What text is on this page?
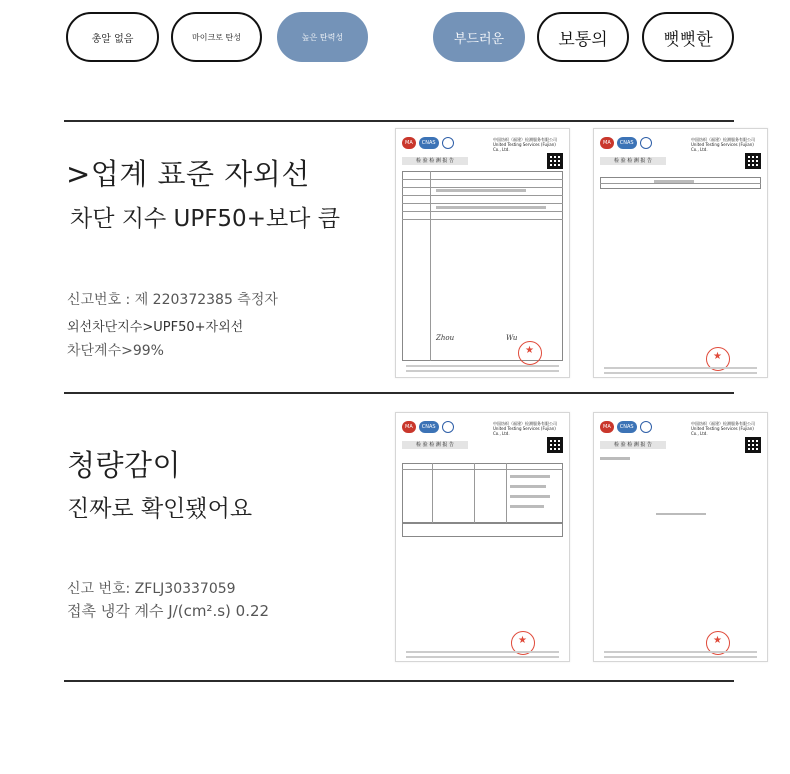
총알 없음	마이크로 탄성	높은 탄력성	부드러운	보통의	뻣뻣한
>업계 표준 자외선
차단 지수 UPF50+보다 큼
신고번호 : 제 220372385 측정자
외선차단지수>UPF50+자외선
차단계수>99%
청량감이
진짜로 확인됐어요
신고 번호: ZFLJ30337059
접촉 냉각 계수 J/(cm².s) 0.22
MA	CNAS
中国纺织（福建）检测服务有限公司 United Testing Services (Fujian) Co., Ltd.
检 验 检 测 报 告
Zhou	Wu
★
MA	CNAS
中国纺织（福建）检测服务有限公司 United Testing Services (Fujian) Co., Ltd.
检 验 检 测 报 告
★
MA	CNAS
中国纺织（福建）检测服务有限公司 United Testing Services (Fujian) Co., Ltd.
检 验 检 测 报 告
★
MA	CNAS
中国纺织（福建）检测服务有限公司 United Testing Services (Fujian) Co., Ltd.
检 验 检 测 报 告
★
